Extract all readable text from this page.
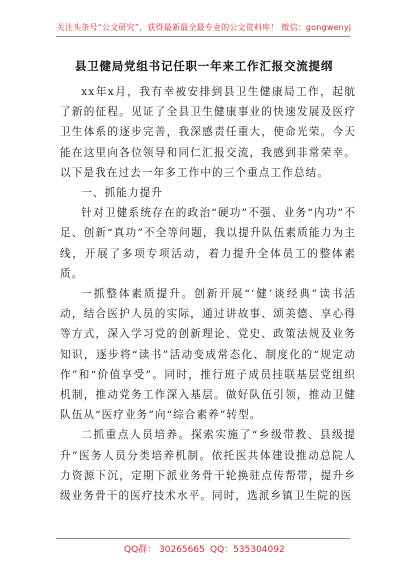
关注头条号“公文研究”，获得最新最全最专业的公文资料库！ 微信：gongwenyj
县卫健局党组书记任职一年来工作汇报交流提纲

xx年x月，我有幸被安排到县卫生健康局工作，起航了新的征程。见证了全县卫生健康事业的快速发展及医疗卫生体系的逐步完善，我深感责任重大，使命光荣。今天能在这里向各位领导和同仁汇报交流，我感到非常荣幸。以下是我在过去一年多工作中的三个重点工作总结。

一、抓能力提升

针对卫健系统存在的政治“硬功”不强、业务“内功”不足、创新“真功”不全等问题，我以提升队伍素质能力为主线，开展了多项专项活动，着力提升全体员工的整体素质。

一抓整体素质提升。创新开展“‘健’谈经典”读书活动，结合医护人员的实际，通过讲故事、颂美德、享心得等方式，深入学习党的创新理论、党史、政策法规及业务知识，逐步将“读书”活动变成常态化、制度化的“规定动作”和“价值享受”。同时，推行班子成员挂联基层党组织机制，推动党务工作深入基层。做好队伍引领，推动卫健队伍从“医疗业务”向“综合素养”转型。

二抓重点人员培养。探索实施了“乡级带教、县级提升”医务人员分类培养机制。依托医共体建设推动总院人力资源下沉，定期下派业务骨干轮换驻点传帮带，提升乡级业务骨干的医疗技术水平。同时，选派乡镇卫生院的医

QQ群： 30265665 QQ：535304092
